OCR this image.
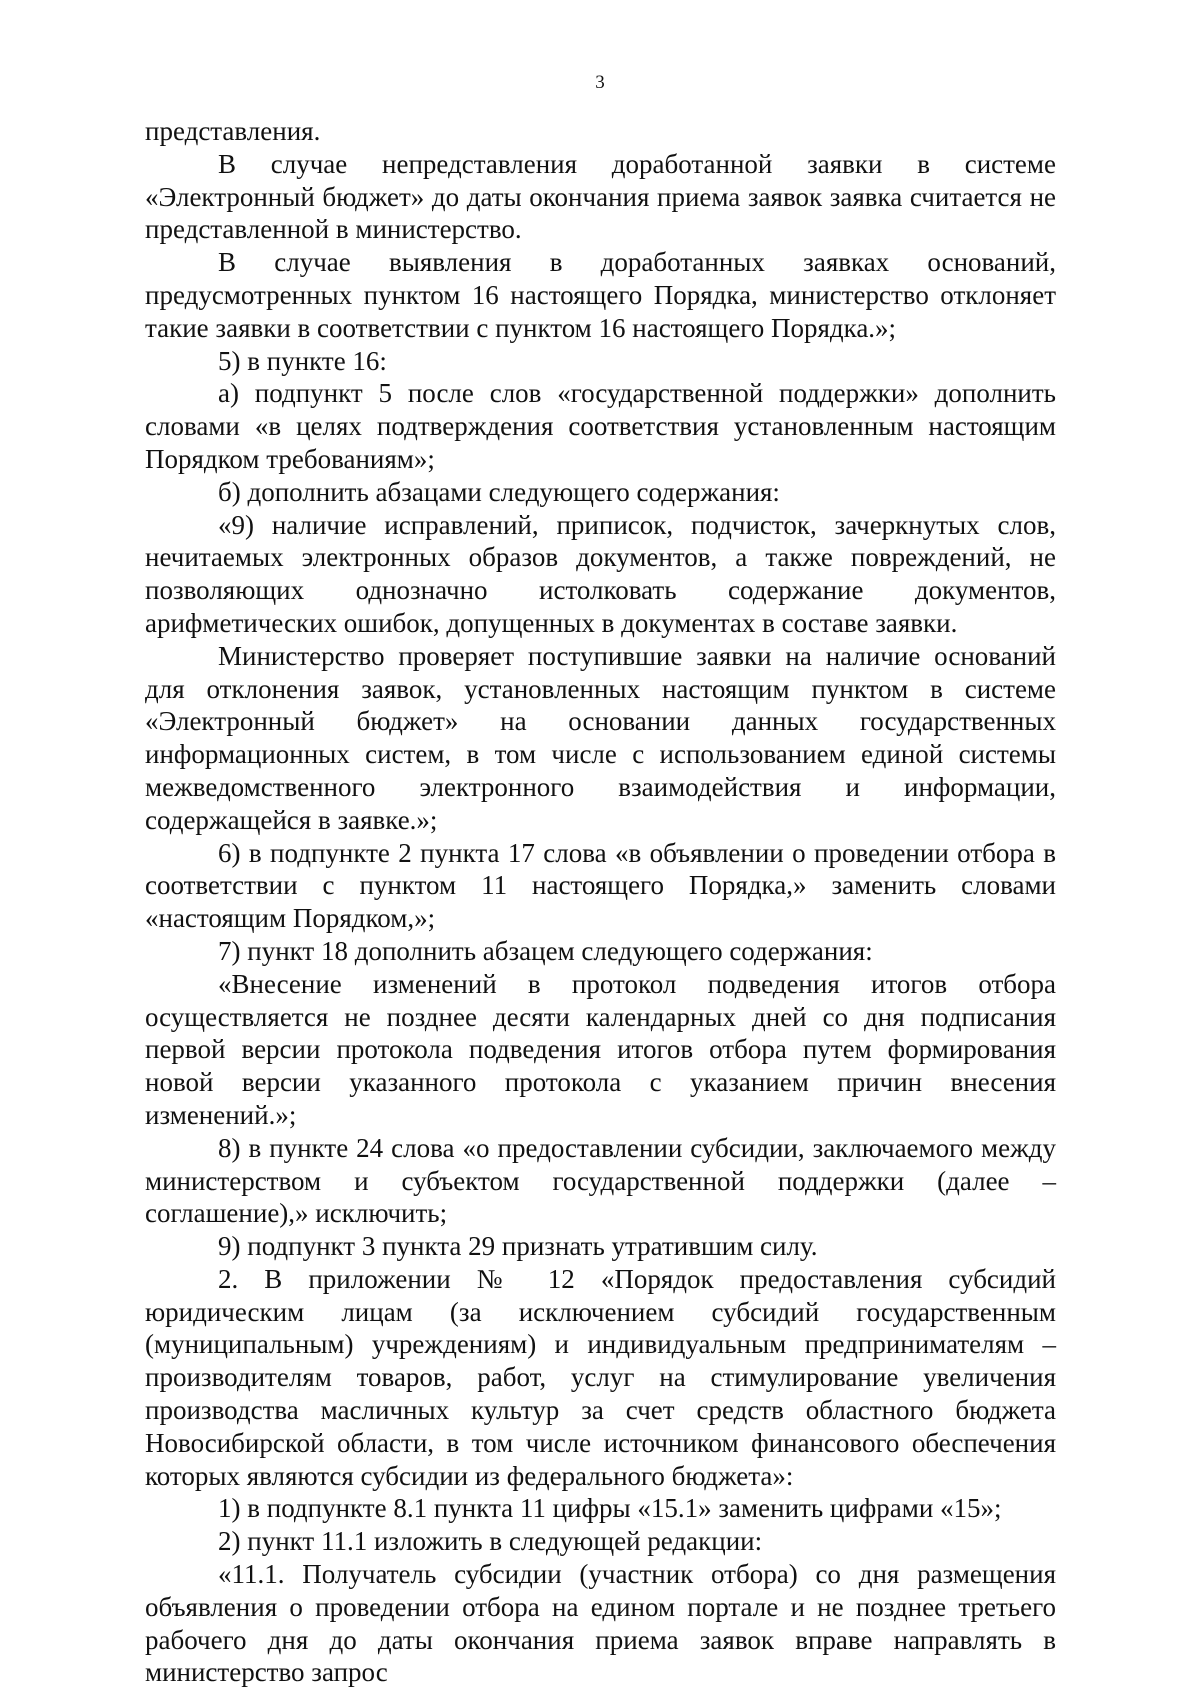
3

представления.

В случае непредставления доработанной заявки в системе «Электронный бюджет» до даты окончания приема заявок заявка считается не представленной в министерство.

В случае выявления в доработанных заявках оснований, предусмотренных пунктом 16 настоящего Порядка, министерство отклоняет такие заявки в соответствии с пунктом 16 настоящего Порядка.»;

5) в пункте 16:

а) подпункт 5 после слов «государственной поддержки» дополнить словами «в целях подтверждения соответствия установленным настоящим Порядком требованиям»;

б) дополнить абзацами следующего содержания:

«9) наличие исправлений, приписок, подчисток, зачеркнутых слов, нечитаемых электронных образов документов, а также повреждений, не позволяющих однозначно истолковать содержание документов, арифметических ошибок, допущенных в документах в составе заявки.

Министерство проверяет поступившие заявки на наличие оснований для отклонения заявок, установленных настоящим пунктом в системе «Электронный бюджет» на основании данных государственных информационных систем, в том числе с использованием единой системы межведомственного электронного взаимодействия и информации, содержащейся в заявке.»;

6) в подпункте 2 пункта 17 слова «в объявлении о проведении отбора в соответствии с пунктом 11 настоящего Порядка,» заменить словами «настоящим Порядком,»;

7) пункт 18 дополнить абзацем следующего содержания:

«Внесение изменений в протокол подведения итогов отбора осуществляется не позднее десяти календарных дней со дня подписания первой версии протокола подведения итогов отбора путем формирования новой версии указанного протокола с указанием причин внесения изменений.»;

8) в пункте 24 слова «о предоставлении субсидии, заключаемого между министерством и субъектом государственной поддержки (далее – соглашение),» исключить;

9) подпункт 3 пункта 29 признать утратившим силу.

2. В приложении № 12 «Порядок предоставления субсидий юридическим лицам (за исключением субсидий государственным (муниципальным) учреждениям) и индивидуальным предпринимателям – производителям товаров, работ, услуг на стимулирование увеличения производства масличных культур за счет средств областного бюджета Новосибирской области, в том числе источником финансового обеспечения которых являются субсидии из федерального бюджета»:

1) в подпункте 8.1 пункта 11 цифры «15.1» заменить цифрами «15»;

2) пункт 11.1 изложить в следующей редакции:

«11.1. Получатель субсидии (участник отбора) со дня размещения объявления о проведении отбора на едином портале и не позднее третьего рабочего дня до даты окончания приема заявок вправе направлять в министерство запрос
